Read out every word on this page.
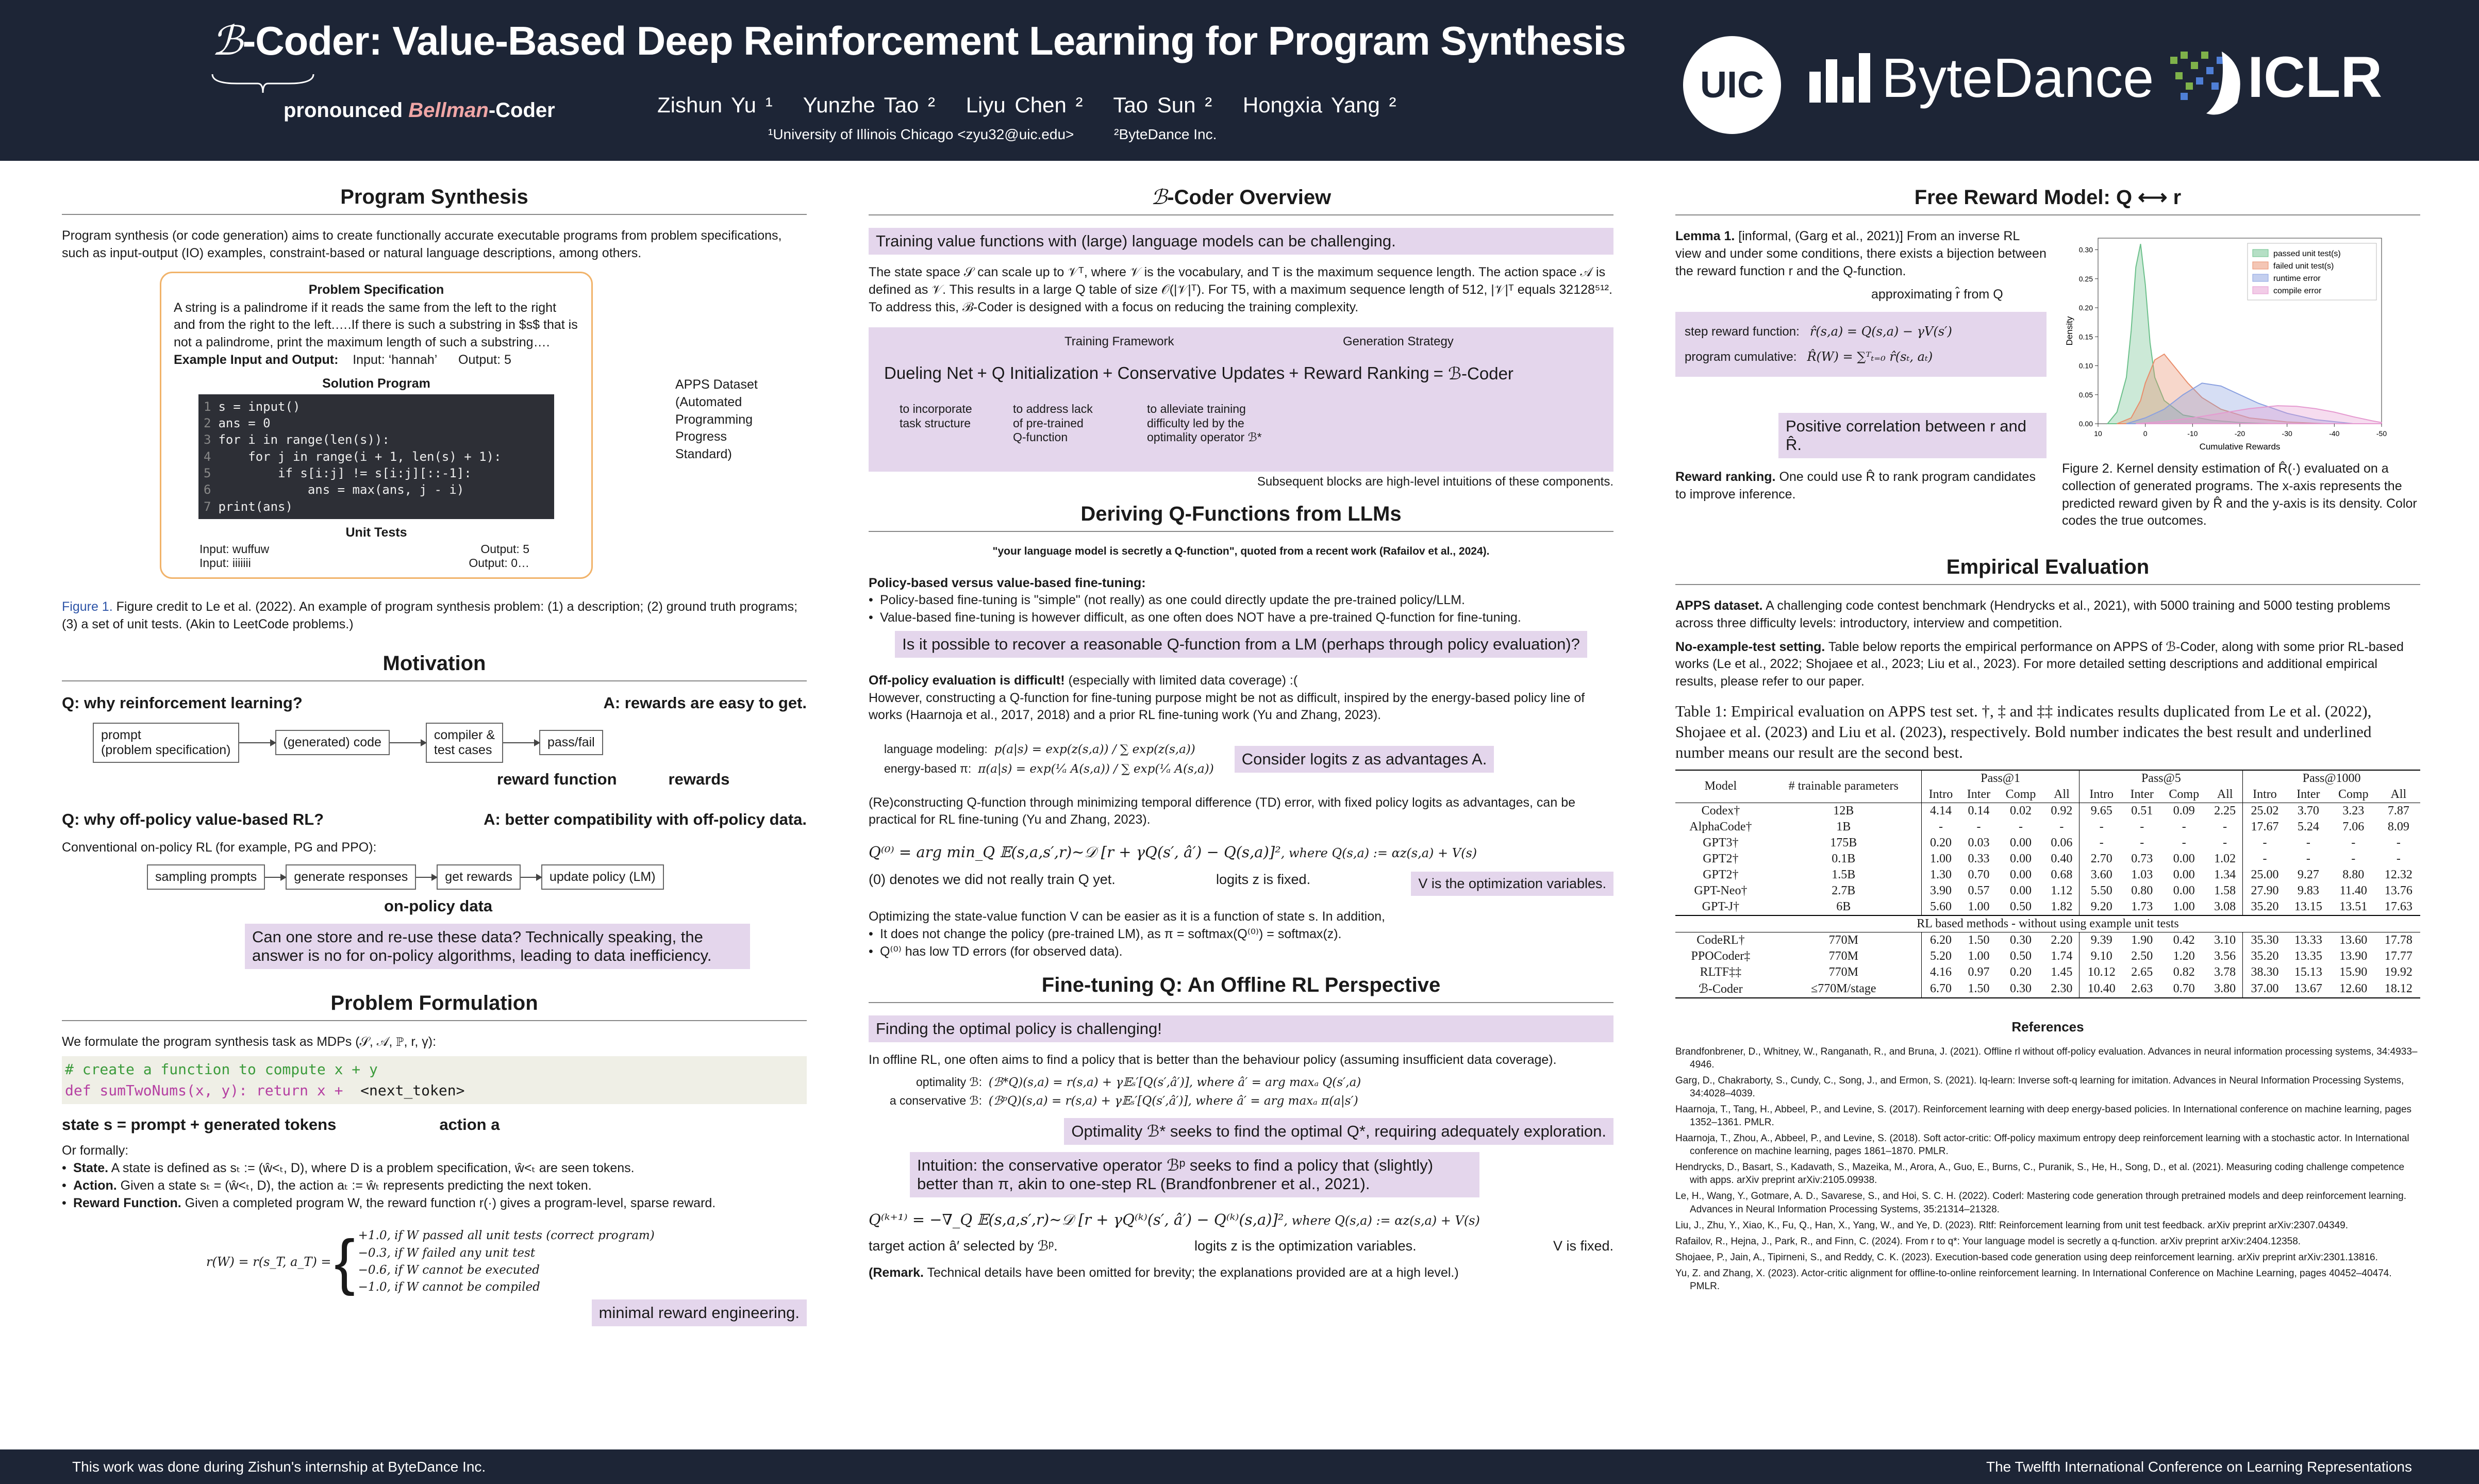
ℬ-Coder: Value-Based Deep Reinforcement Learning for Program Synthesis
pronounced Bellman-Coder	Zishun Yu ¹ Yunzhe Tao ² Liyu Chen ² Tao Sun ² Hongxia Yang ²
¹University of Illinois Chicago <zyu32@uic.edu>	²ByteDance Inc.
UIC	ByteDance ICLR
Program Synthesis

Program synthesis (or code generation) aims to create functionally accurate executable programs from problem specifications, such as input-output (IO) examples, constraint-based or natural language descriptions, among others.

Problem Specification

A string is a palindrome if it reads the same from the left to the right and from the right to the left.….If there is such a substring in $s$ that is not a palindrome, print the maximum length of such a substring….

Example Input and Output: Input: ‘hannah’ Output: 5

Solution Program
1 s = input()
2 ans = 0
3 for i in range(len(s)):
4    for j in range(i + 1, len(s) + 1):
5        if s[i:j] != s[i:j][::-1]:
6            ans = max(ans, j - i)
7 print(ans)
Unit Tests
Input: wuffuw	Output: 5
Input: iiiiiii	Output: 0…
APPS Dataset
(Automated
Programming
Progress
Standard)

Figure 1. Figure credit to Le et al. (2022). An example of program synthesis problem: (1) a description; (2) ground truth programs; (3) a set of unit tests. (Akin to LeetCode problems.)

Motivation
Q: why reinforcement learning?	A: rewards are easy to get.
prompt
(problem specification)
(generated) code
compiler &
test cases
pass/fail
reward function	rewards
Q: why off-policy value-based RL?	A: better compatibility with off-policy data.

Conventional on-policy RL (for example, PG and PPO):

sampling prompts	generate responses	get rewards	update policy (LM)
on-policy data
Can one store and re-use these data? Technically speaking, the answer is no for on-policy algorithms, leading to data inefficiency.
Problem Formulation

We formulate the program synthesis task as MDPs (𝒮, 𝒜, ℙ, r, γ):

# create a function to compute x + y
def sumTwoNums(x, y): return x + <next_token>
state s = prompt + generated tokens	action a

Or formally:

• State. A state is defined as sₜ := (ŵ<ₜ, D), where D is a problem specification, ŵ<ₜ are seen tokens.
• Action. Given a state sₜ = (ŵ<ₜ, D), the action aₜ := ŵₜ represents predicting the next token.
• Reward Function. Given a completed program W, the reward function r(·) gives a program-level, sparse reward.
r(W) = r(s_T, a_T) = { +1.0, if W passed all unit tests (correct program)
−0.3, if W failed any unit test
−0.6, if W cannot be executed
−1.0, if W cannot be compiled
minimal reward engineering.
ℬ-Coder Overview
Training value functions with (large) language models can be challenging.

The state space 𝒮 can scale up to 𝒱ᵀ, where 𝒱 is the vocabulary, and T is the maximum sequence length. The action space 𝒜 is defined as 𝒱. This results in a large Q table of size 𝒪(|𝒱|ᵀ). For T5, with a maximum sequence length of 512, |𝒱|ᵀ equals 32128⁵¹². To address this, ℬ-Coder is designed with a focus on reducing the training complexity.

Training Framework	Generation Strategy
Dueling Net + Q Initialization + Conservative Updates + Reward Ranking = ℬ-Coder
to incorporate
task structure
to address lack
of pre-trained
Q-function
to alleviate training
difficulty led by the
optimality operator ℬ*
Subsequent blocks are high-level intuitions of these components.
Deriving Q-Functions from LLMs

"your language model is secretly a Q-function", quoted from a recent work (Rafailov et al., 2024).

Policy-based versus value-based fine-tuning:

• Policy-based fine-tuning is "simple" (not really) as one could directly update the pre-trained policy/LLM.
• Value-based fine-tuning is however difficult, as one often does NOT have a pre-trained Q-function for fine-tuning.
Is it possible to recover a reasonable Q-function from a LM (perhaps through policy evaluation)?

Off-policy evaluation is difficult! (especially with limited data coverage) :(

However, constructing a Q-function for fine-tuning purpose might be not as difficult, inspired by the energy-based policy line of works (Haarnoja et al., 2017, 2018) and a prior RL fine-tuning work (Yu and Zhang, 2023).

language modeling: p(a|s) = exp(z(s,a)) / ∑ exp(z(s,a))
energy-based π: π(a|s) = exp(¹⁄ₐ A(s,a)) / ∑ exp(¹⁄ₐ A(s,a))
Consider logits z as advantages A.

(Re)constructing Q-function through minimizing temporal difference (TD) error, with fixed policy logits as advantages, can be practical for RL fine-tuning (Yu and Zhang, 2023).

Q⁽⁰⁾ = arg min_Q 𝔼(s,a,s′,r)∼𝒟 [r + γQ(s′, â′) − Q(s,a)]², where Q(s,a) := αz(s,a) + V(s)
(0) denotes we did not really train Q yet.	logits z is fixed.	V is the optimization variables.

Optimizing the state-value function V can be easier as it is a function of state s. In addition,

• It does not change the policy (pre-trained LM), as π = softmax(Q⁽⁰⁾) = softmax(z).
• Q⁽⁰⁾ has low TD errors (for observed data).
Fine-tuning Q: An Offline RL Perspective
Finding the optimal policy is challenging!

In offline RL, one often aims to find a policy that is better than the behaviour policy (assuming insufficient data coverage).

optimality ℬ: (ℬ*Q)(s,a) = r(s,a) + γ𝔼ₛ′[Q(s′,â′)], where â′ = arg maxₐ Q(s′,a)
a conservative ℬ: (ℬᵖQ)(s,a) = r(s,a) + γ𝔼ₛ′[Q(s′,â′)], where â′ = arg maxₐ π(a|s′)
Optimality ℬ* seeks to find the optimal Q*, requiring adequately exploration.
Intuition: the conservative operator ℬᵖ seeks to find a policy that (slightly) better than π, akin to one-step RL (Brandfonbrener et al., 2021).
Q⁽ᵏ⁺¹⁾ = −∇_Q 𝔼(s,a,s′,r)∼𝒟 [r + γQ⁽ᵏ⁾(s′, â′) − Q⁽ᵏ⁾(s,a)]², where Q(s,a) := αz(s,a) + V(s)
target action â′ selected by ℬᵖ.	logits z is the optimization variables.	V is fixed.

(Remark. Technical details have been omitted for brevity; the explanations provided are at a high level.)

Free Reward Model: Q ⟷ r

Lemma 1. [informal, (Garg et al., 2021)] From an inverse RL view and under some conditions, there exists a bijection between the reward function r and the Q-function.

approximating r̂ from Q

step reward function: r̂(s,a) = Q(s,a) − γV(s′)
program cumulative: R̂(W) = ∑ᵀₜ₌₀ r̂(sₜ, aₜ)
Positive correlation between r and R̂.

Reward ranking. One could use R̂ to rank program candidates to improve inference.

10	0	-10	-20	-30	-40	-50
0.00
0.05
0.10
0.15
0.20
0.25
0.30
Cumulative Rewards
Density
passed unit test(s)
failed unit test(s)
runtime error
compile error

Figure 2. Kernel density estimation of R̂(·) evaluated on a collection of generated programs. The x-axis represents the predicted reward given by R̂ and the y-axis is its density. Color codes the true outcomes.

Empirical Evaluation

APPS dataset. A challenging code contest benchmark (Hendrycks et al., 2021), with 5000 training and 5000 testing problems across three difficulty levels: introductory, interview and competition.

No-example-test setting. Table below reports the empirical performance on APPS of ℬ-Coder, along with some prior RL-based works (Le et al., 2022; Shojaee et al., 2023; Liu et al., 2023). For more detailed setting descriptions and additional empirical results, please refer to our paper.

Table 1: Empirical evaluation on APPS test set. †, ‡ and ‡‡ indicates results duplicated from Le et al. (2022), Shojaee et al. (2023) and Liu et al. (2023), respectively. Bold number indicates the best result and underlined number means our result are the second best.

Model	# trainable parameters	Pass@1				Pass@5				Pass@1000			
		Intro	Inter	Comp	All	Intro	Inter	Comp	All	Intro	Inter	Comp	All
Codex†	12B	4.14	0.14	0.02	0.92	9.65	0.51	0.09	2.25	25.02	3.70	3.23	7.87
AlphaCode†	1B	-	-	-	-	-	-	-	-	17.67	5.24	7.06	8.09
GPT3†	175B	0.20	0.03	0.00	0.06	-	-	-	-	-	-	-	-
GPT2†	0.1B	1.00	0.33	0.00	0.40	2.70	0.73	0.00	1.02	-	-	-	-
GPT2†	1.5B	1.30	0.70	0.00	0.68	3.60	1.03	0.00	1.34	25.00	9.27	8.80	12.32
GPT-Neo†	2.7B	3.90	0.57	0.00	1.12	5.50	0.80	0.00	1.58	27.90	9.83	11.40	13.76
GPT-J†	6B	5.60	1.00	0.50	1.82	9.20	1.73	1.00	3.08	35.20	13.15	13.51	17.63
RL based methods - without using example unit tests													
CodeRL†	770M	6.20	1.50	0.30	2.20	9.39	1.90	0.42	3.10	35.30	13.33	13.60	17.78
PPOCoder‡	770M	5.20	1.00	0.50	1.74	9.10	2.50	1.20	3.56	35.20	13.35	13.90	17.77
RLTF‡‡	770M	4.16	0.97	0.20	1.45	10.12	2.65	0.82	3.78	38.30	15.13	15.90	19.92
ℬ-Coder	≤770M/stage	6.70	1.50	0.30	2.30	10.40	2.63	0.70	3.80	37.00	13.67	12.60	18.12
References

Brandfonbrener, D., Whitney, W., Ranganath, R., and Bruna, J. (2021). Offline rl without off-policy evaluation. Advances in neural information processing systems, 34:4933–4946.

Garg, D., Chakraborty, S., Cundy, C., Song, J., and Ermon, S. (2021). Iq-learn: Inverse soft-q learning for imitation. Advances in Neural Information Processing Systems, 34:4028–4039.

Haarnoja, T., Tang, H., Abbeel, P., and Levine, S. (2017). Reinforcement learning with deep energy-based policies. In International conference on machine learning, pages 1352–1361. PMLR.

Haarnoja, T., Zhou, A., Abbeel, P., and Levine, S. (2018). Soft actor-critic: Off-policy maximum entropy deep reinforcement learning with a stochastic actor. In International conference on machine learning, pages 1861–1870. PMLR.

Hendrycks, D., Basart, S., Kadavath, S., Mazeika, M., Arora, A., Guo, E., Burns, C., Puranik, S., He, H., Song, D., et al. (2021). Measuring coding challenge competence with apps. arXiv preprint arXiv:2105.09938.

Le, H., Wang, Y., Gotmare, A. D., Savarese, S., and Hoi, S. C. H. (2022). Coderl: Mastering code generation through pretrained models and deep reinforcement learning. Advances in Neural Information Processing Systems, 35:21314–21328.

Liu, J., Zhu, Y., Xiao, K., Fu, Q., Han, X., Yang, W., and Ye, D. (2023). Rltf: Reinforcement learning from unit test feedback. arXiv preprint arXiv:2307.04349.

Rafailov, R., Hejna, J., Park, R., and Finn, C. (2024). From r to q*: Your language model is secretly a q-function. arXiv preprint arXiv:2404.12358.

Shojaee, P., Jain, A., Tipirneni, S., and Reddy, C. K. (2023). Execution-based code generation using deep reinforcement learning. arXiv preprint arXiv:2301.13816.

Yu, Z. and Zhang, X. (2023). Actor-critic alignment for offline-to-online reinforcement learning. In International Conference on Machine Learning, pages 40452–40474. PMLR.

This work was done during Zishun's internship at ByteDance Inc.	The Twelfth International Conference on Learning Representations
